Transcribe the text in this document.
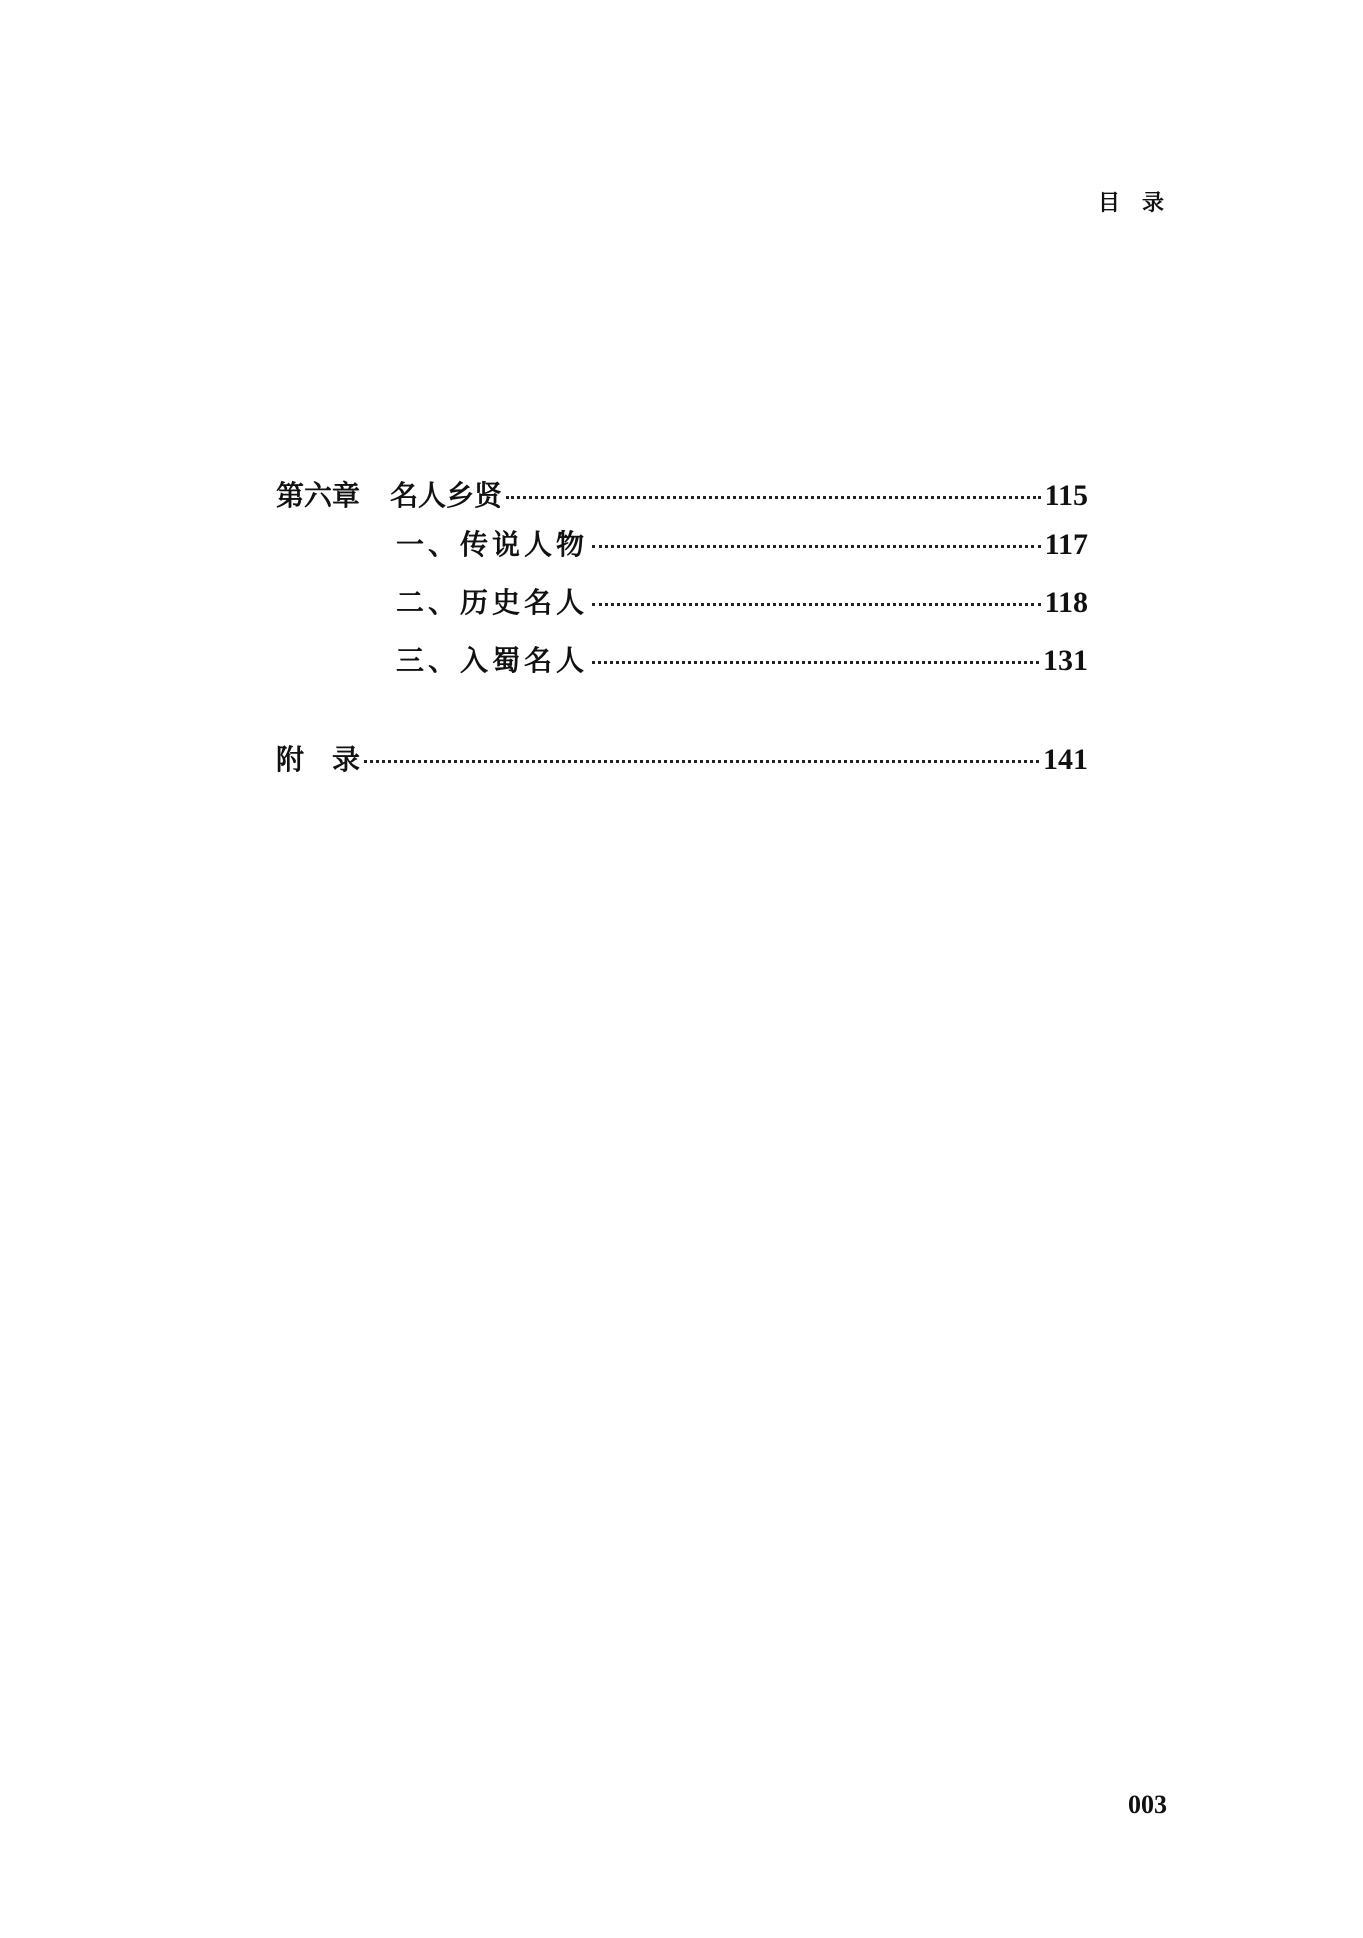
目 录
第六章 名人乡贤	115
一、传说人物	117
二、历史名人	118
三、入蜀名人	131
附 录	141
003
